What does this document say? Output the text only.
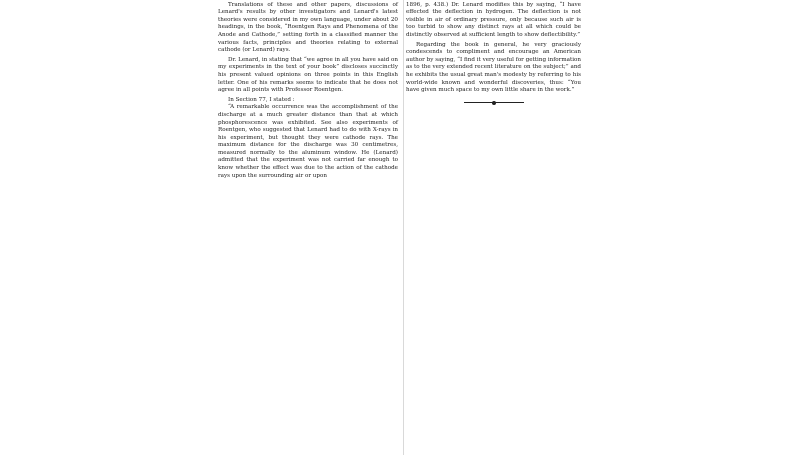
Translations of these and other papers, discussions of Lenard's results by other investigators and Lenard's latest theories were considered in my own language, under about 20 headings, in the book, “Roentgen Rays and Phenomena of the Anode and Cathode,” setting forth in a classified manner the various facts, principles and theories relating to external cathode (or Lenard) rays.

Dr. Lenard, in stating that “we agree in all you have said on my experiments in the text of your book” discloses succinctly his present valued opinions on three points in this English letter. One of his remarks seems to indicate that he does not agree in all points with Professor Roentgen.

In Section 77, I stated :

“A remarkable occurrence was the accomplishment of the discharge at a much greater distance than that at which phosphorescence was exhibited. See also experiments of Roentgen, who suggested that Lenard had to do with X-rays in his experiment, but thought they were cathode rays. The maximum distance for the discharge was 30 centimetres, measured normally to the aluminum window. He (Lenard) admitted that the experiment was not carried far enough to know whether the effect was due to the action of the cathode rays upon the surrounding air or upon

1896, p. 438.) Dr. Lenard modifies this by saying, “I have effected the deflection in hydrogen. The deflection is not visible in air of ordinary pressure, only because such air is too turbid to show any distinct rays at all which could be distinctly observed at sufficient length to show deflectibility.”

Regarding the book in general, he very graciously condescends to compliment and encourage an American author by saying, “I find it very useful for getting information as to the very extended recent literature on the subject;” and he exhibits the usual great man's modesty by referring to his world-wide known and wonderful discoveries, thus: “You have given much space to my own little share in the work.”
